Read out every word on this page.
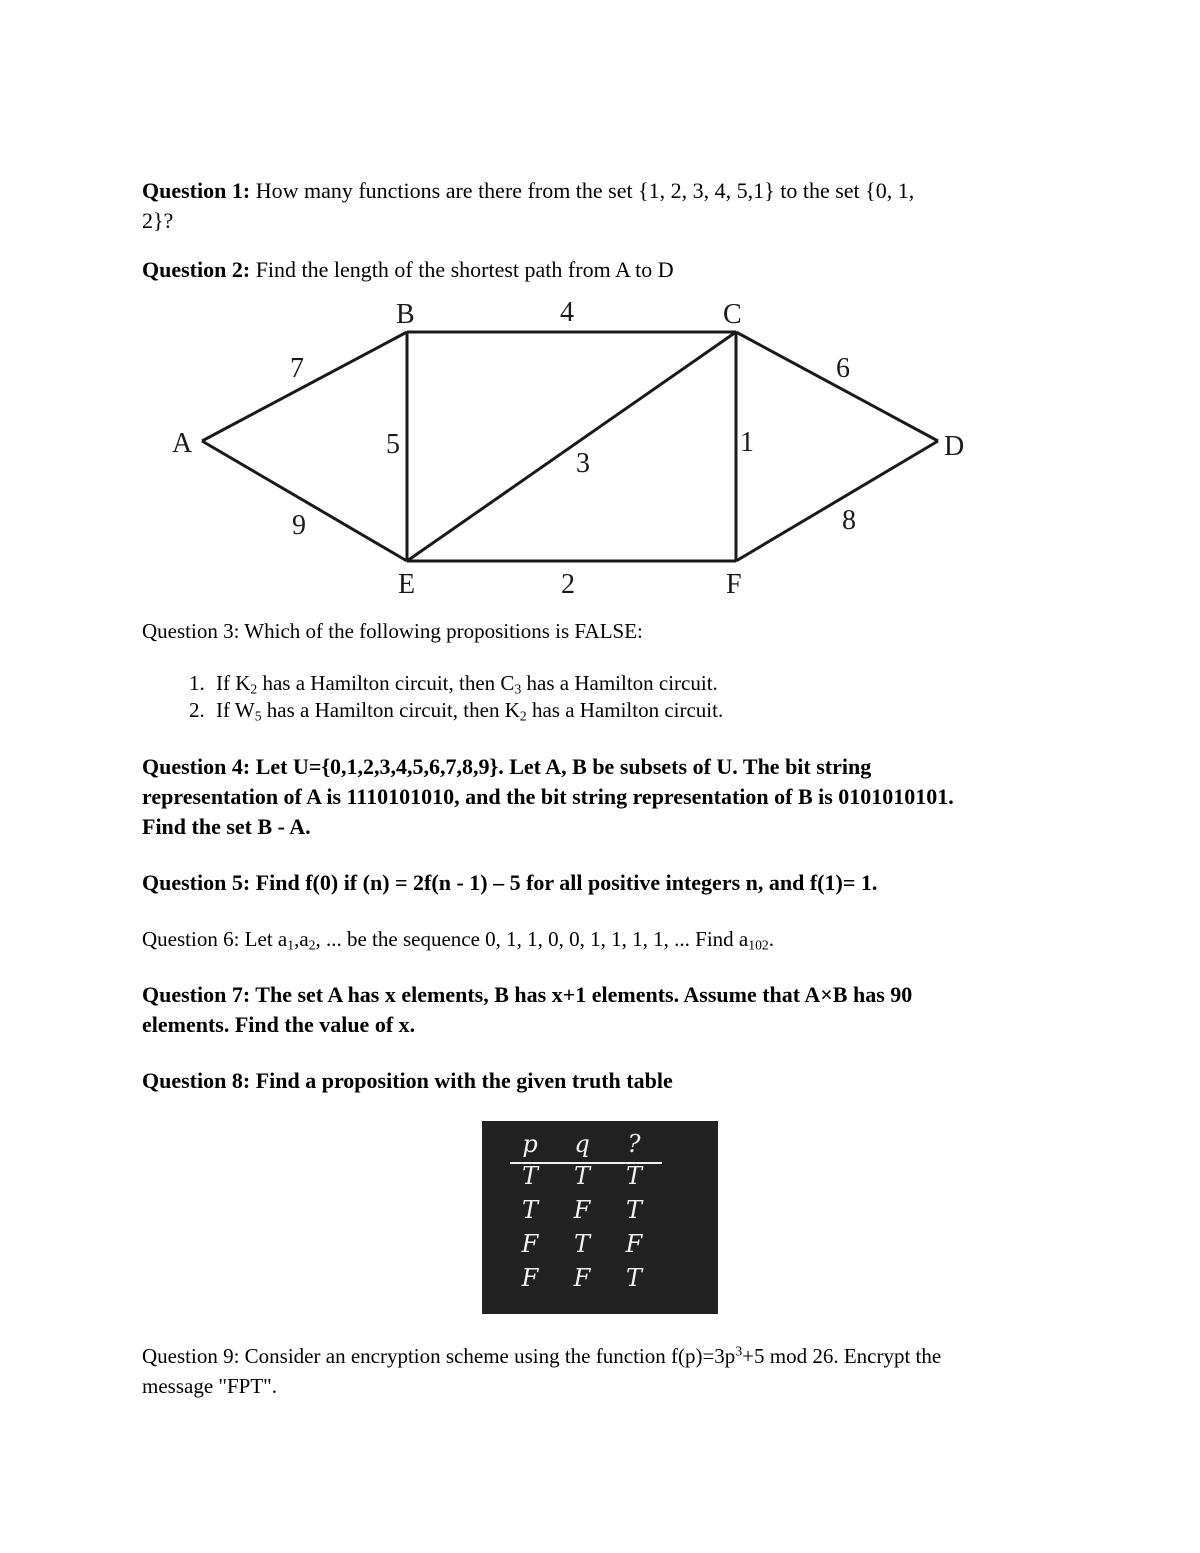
Question 1: How many functions are there from the set {1, 2, 3, 4, 5,1} to the set {0, 1,
2}?
Question 2: Find the length of the shortest path from A to D
A
B	C
D
E	F
7
4
6
9
5
3
1
8
2
Question 3: Which of the following propositions is FALSE:
1. If $K_2$ has a Hamilton circuit, then $C_3$ has a Hamilton circuit.
2. If $W_5$ has a Hamilton circuit, then $K_2$ has a Hamilton circuit.
Question 4: Let U={0,1,2,3,4,5,6,7,8,9}. Let A, B be subsets of U. The bit string
representation of A is 1110101010, and the bit string representation of B is 0101010101.
Find the set B - A.
Question 5: Find f(0) if (n) = 2f(n - 1) – 5 for all positive integers n, and f(1)= 1.
Question 6: Let $a_1,a_2$, ... be the sequence 0, 1, 1, 0, 0, 1, 1, 1, 1, ... Find $a_{102}$.
Question 7: The set A has x elements, B has x+1 elements. Assume that A×B has 90
elements. Find the value of x.
Question 8: Find a proposition with the given truth table
p	q	?
T	T	T
T	F	T
F	T	F
F	F	T
Question 9: Consider an encryption scheme using the function $f(p)=3p^3+5$ mod 26. Encrypt the
message "FPT".
